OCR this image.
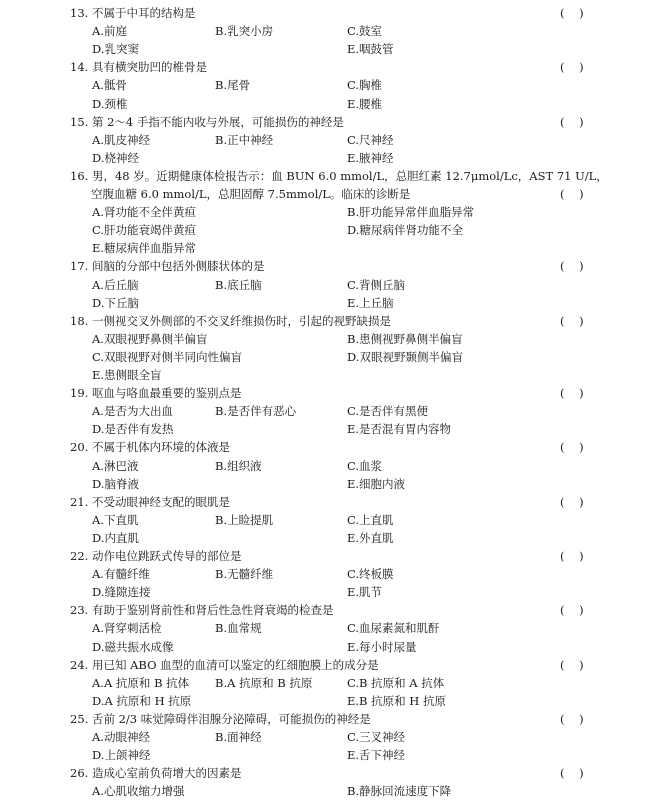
13. 不属于中耳的结构是	(    )
A.前庭	B.乳突小房	C.鼓室
D.乳突窦	E.咽鼓管
14. 具有横突肋凹的椎骨是	(    )
A.骶骨	B.尾骨	C.胸椎
D.颈椎	E.腰椎
15. 第 2～4 手指不能内收与外展，可能损伤的神经是	(    )
A.肌皮神经	B.正中神经	C.尺神经
D.桡神经	E.腋神经
16. 男，48 岁。近期健康体检报告示：血 BUN 6.0 mmol/L，总胆红素 12.7μmol/Lc，AST 71 U/L，
空腹血糖 6.0 mmol/L，总胆固醇 7.5mmol/L。临床的诊断是	(    )
A.肾功能不全伴黄疸	B.肝功能异常伴血脂异常
C.肝功能衰竭伴黄疸	D.糖尿病伴肾功能不全
E.糖尿病伴血脂异常
17. 间脑的分部中包括外侧膝状体的是	(    )
A.后丘脑	B.底丘脑	C.背侧丘脑
D.下丘脑	E.上丘脑
18. 一侧视交叉外侧部的不交叉纤维损伤时，引起的视野缺损是	(    )
A.双眼视野鼻侧半偏盲	B.患侧视野鼻侧半偏盲
C.双眼视野对侧半同向性偏盲	D.双眼视野颞侧半偏盲
E.患侧眼全盲
19. 呕血与咯血最重要的鉴别点是	(    )
A.是否为大出血	B.是否伴有恶心	C.是否伴有黑便
D.是否伴有发热	E.是否混有胃内容物
20. 不属于机体内环境的体液是	(    )
A.淋巴液	B.组织液	C.血浆
D.脑脊液	E.细胞内液
21. 不受动眼神经支配的眼肌是	(    )
A.下直肌	B.上睑提肌	C.上直肌
D.内直肌	E.外直肌
22. 动作电位跳跃式传导的部位是	(    )
A.有髓纤维	B.无髓纤维	C.终板膜
D.缝隙连接	E.肌节
23. 有助于鉴别肾前性和肾后性急性肾衰竭的检查是	(    )
A.肾穿刺活检	B.血常规	C.血尿素氮和肌酐
D.磁共振水成像	E.每小时尿量
24. 用已知 ABO 血型的血清可以鉴定的红细胞膜上的成分是	(    )
A.A 抗原和 B 抗体 B.A 抗原和 B 抗原	C.B 抗原和 A 抗体
D.A 抗原和 H 抗原	E.B 抗原和 H 抗原
25. 舌前 2/3 味觉障碍伴泪腺分泌障碍，可能损伤的神经是	(    )
A.动眼神经	B.面神经	C.三叉神经
D.上颌神经	E.舌下神经
26. 造成心室前负荷增大的因素是	(    )
A.心肌收缩力增强	B.静脉回流速度下降
